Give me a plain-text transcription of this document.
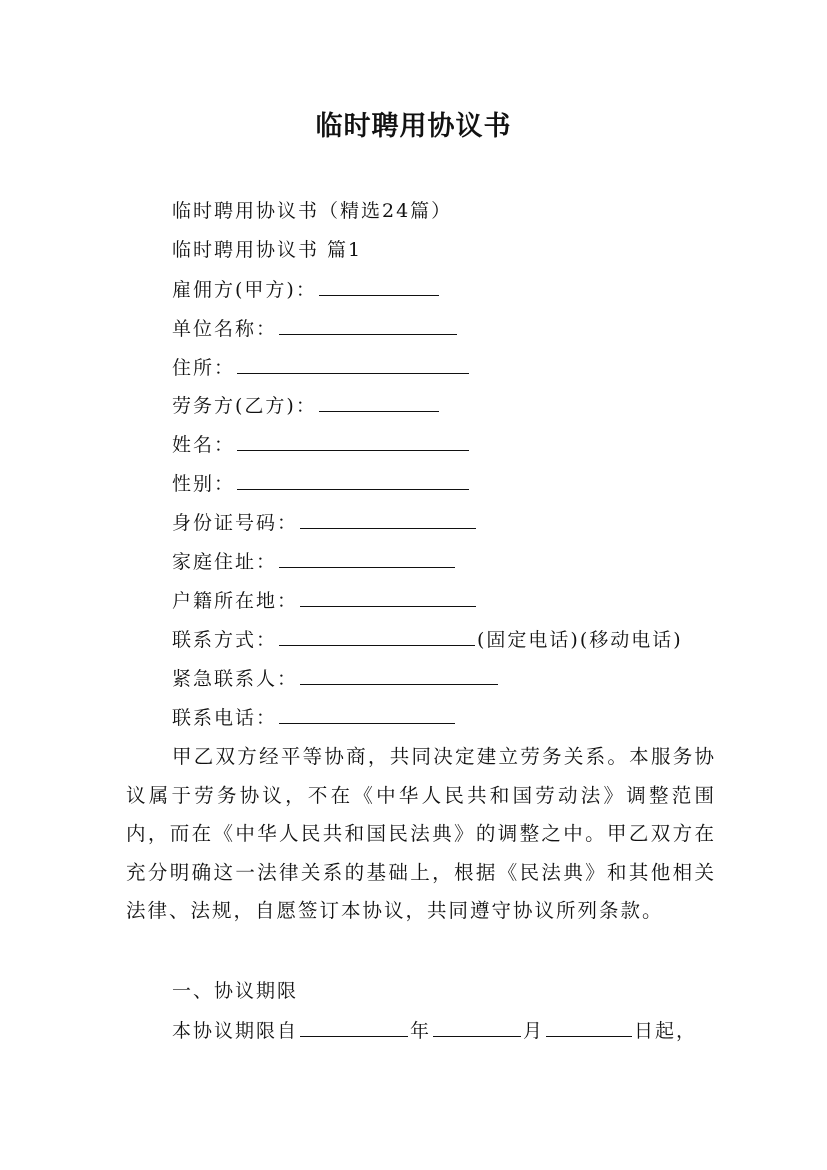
临时聘用协议书
临时聘用协议书（精选24篇）
临时聘用协议书 篇1
雇佣方(甲方)：
单位名称：
住所：
劳务方(乙方)：
姓名：
性别：
身份证号码：
家庭住址：
户籍所在地：
联系方式：	(固定电话)(移动电话)
紧急联系人：
联系电话：
甲乙双方经平等协商，共同决定建立劳务关系。本服务协议属于劳务协议，不在《中华人民共和国劳动法》调整范围内，而在《中华人民共和国民法典》的调整之中。甲乙双方在充分明确这一法律关系的基础上，根据《民法典》和其他相关法律、法规，自愿签订本协议，共同遵守协议所列条款。
一、协议期限
本协议期限自	年	月	日起，
